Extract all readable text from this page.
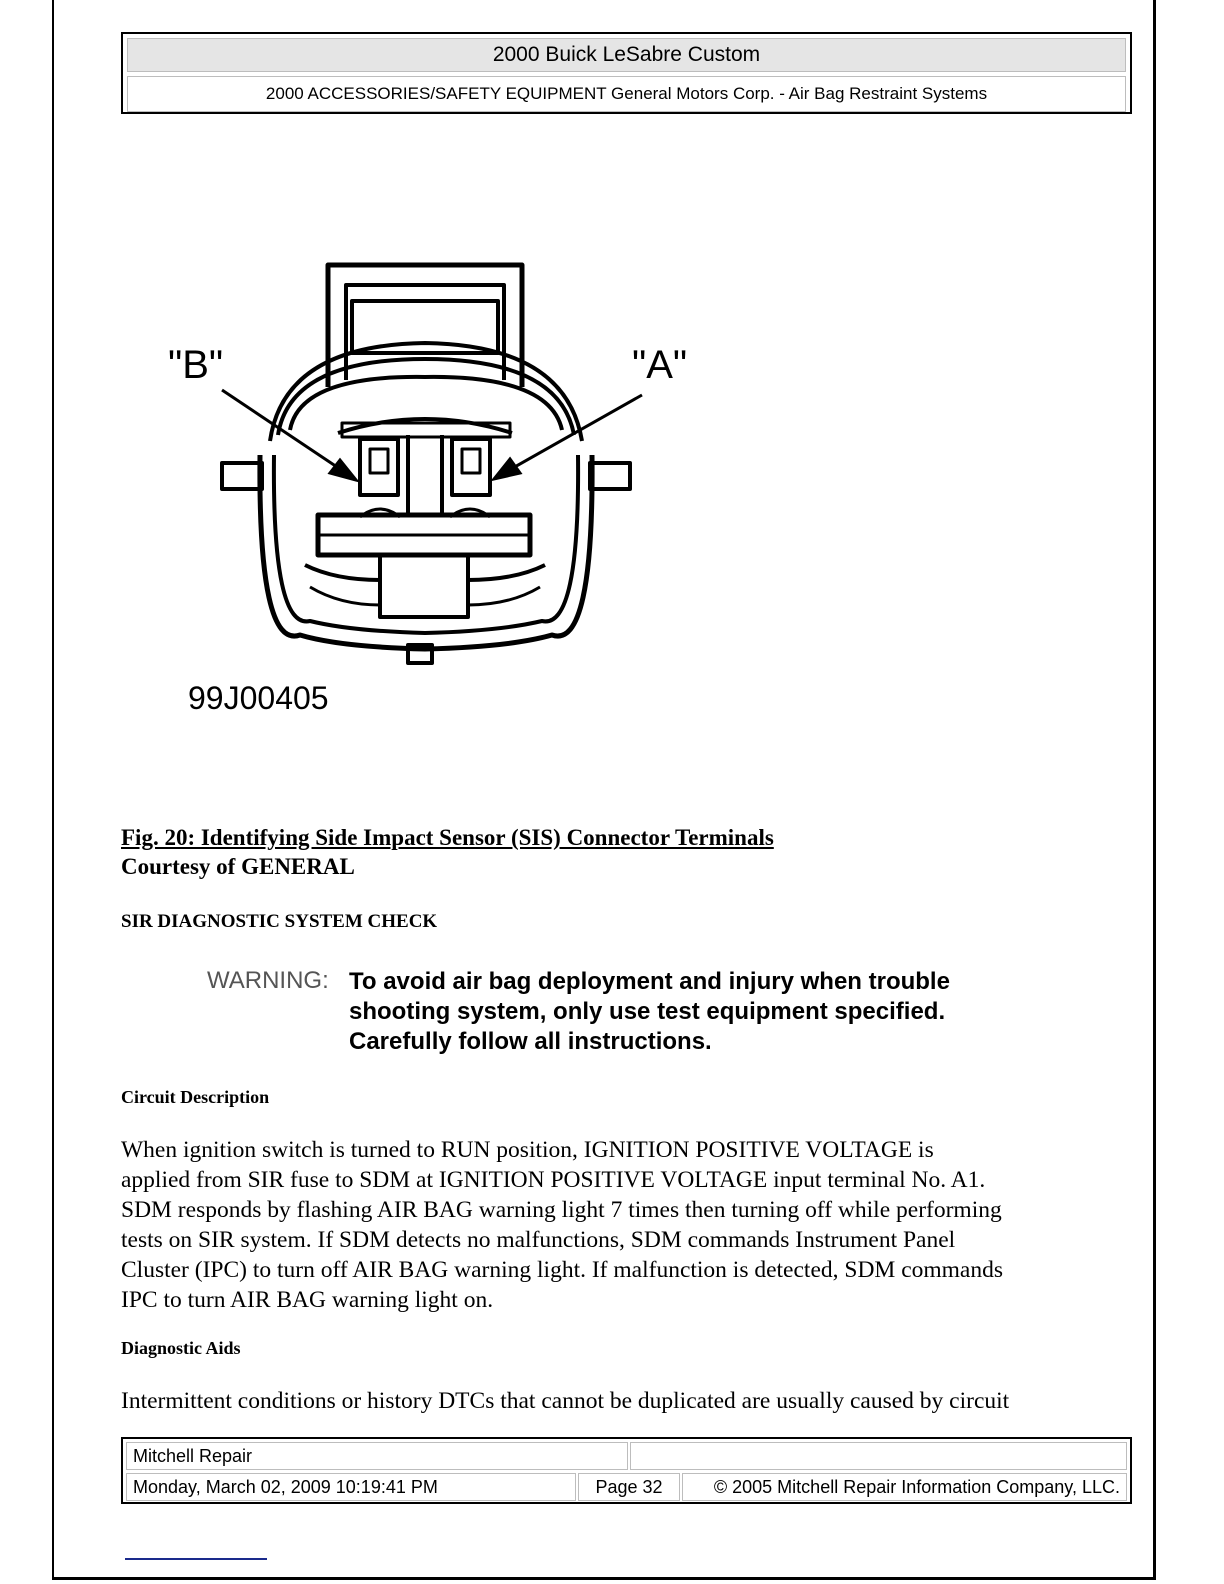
2000 Buick LeSabre Custom
2000 ACCESSORIES/SAFETY EQUIPMENT General Motors Corp. - Air Bag Restraint Systems
"B"	"A"
99J00405
Fig. 20: Identifying Side Impact Sensor (SIS) Connector Terminals
Courtesy of GENERAL
SIR DIAGNOSTIC SYSTEM CHECK
WARNING: To avoid air bag deployment and injury when trouble
shooting system, only use test equipment specified.
Carefully follow all instructions.
Circuit Description
When ignition switch is turned to RUN position, IGNITION POSITIVE VOLTAGE is
applied from SIR fuse to SDM at IGNITION POSITIVE VOLTAGE input terminal No. A1.
SDM responds by flashing AIR BAG warning light 7 times then turning off while performing
tests on SIR system. If SDM detects no malfunctions, SDM commands Instrument Panel
Cluster (IPC) to turn off AIR BAG warning light. If malfunction is detected, SDM commands
IPC to turn AIR BAG warning light on.
Diagnostic Aids
Intermittent conditions or history DTCs that cannot be duplicated are usually caused by circuit
Mitchell Repair
Monday, March 02, 2009 10:19:41 PM	Page 32	© 2005 Mitchell Repair Information Company, LLC.
